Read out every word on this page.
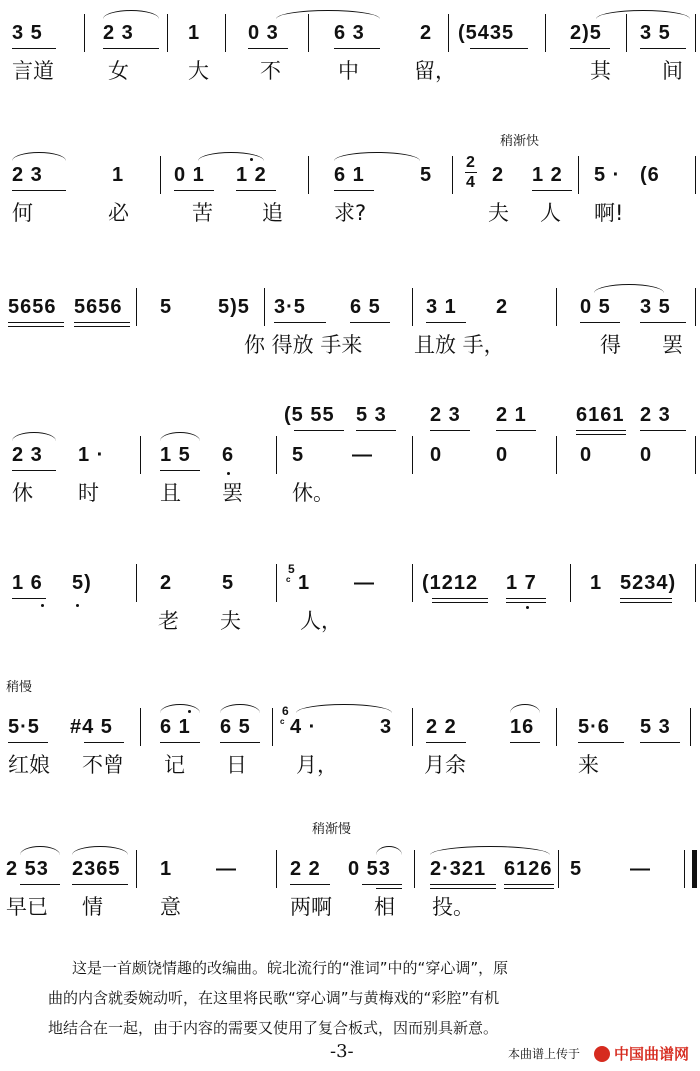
3 5	2 3	1 0 3	6 3	2 (5435	2)5 3 5
言道	女	大 不	中	留，	其 间
稍渐快
2 3	1 0 1 1 2	6 1	5
2
4 2 1 2 5 · (6
何	必	苦 追 求?	夫 人 啊!
5656 5656 5 5)5 3·5 6 5 3 1 2	0 5 3 5
你 得放 手来 且放 手，	得 罢
(5 55 5 3 2 3 2 1 6161 2 3
2 3 1 ·	1 5 6	5 —	0	0	0 0
休 时	且 罢 休。
1 6 5)	2 5
5
ᶜ 1 — (1212 1 7	1 5234)
老 夫	人，
稍慢
5·5 #4 5 6 1 6 5
6
ᶜ 4 ·	3 2 2	16 5·6 5 3
红娘 不曾 记 日 月，	月余	来
稍渐慢
2 53 2365 1 —	2 2 0 53 2·321 6126 5 —
早已 情	意	两啊 相 投。
这是一首颇饶情趣的改编曲。皖北流行的“淮词”中的“穿心调”，原
曲的内含就委婉动听，在这里将民歌“穿心调”与黄梅戏的“彩腔”有机
地结合在一起，由于内容的需要又使用了复合板式，因而别具新意。
-3-	本曲谱上传于 中国曲谱网
